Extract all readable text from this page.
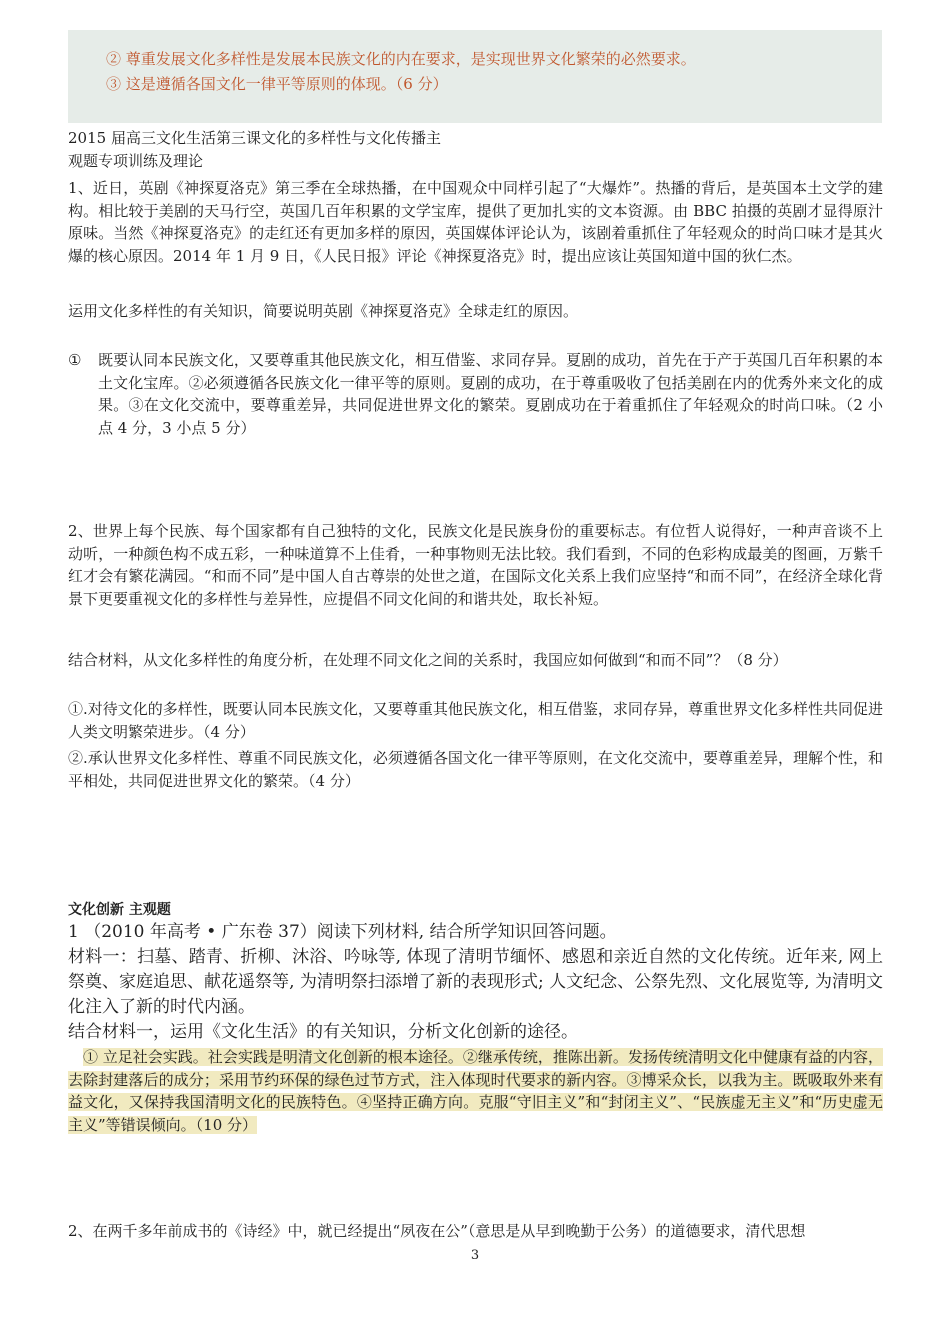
② 尊重发展文化多样性是发展本民族文化的内在要求，是实现世界文化繁荣的必然要求。
③ 这是遵循各国文化一律平等原则的体现。（6 分）

2015 届高三文化生活第三课文化的多样性与文化传播主

观题专项训练及理论

1、近日，英剧《神探夏洛克》第三季在全球热播，在中国观众中同样引起了“大爆炸”。热播的背后，是英国本土文学的建构。相比较于美剧的天马行空，英国几百年积累的文学宝库，提供了更加扎实的文本资源。由 BBC 拍摄的英剧才显得原汁原味。当然《神探夏洛克》的走红还有更加多样的原因，英国媒体评论认为，该剧着重抓住了年轻观众的时尚口味才是其火爆的核心原因。2014 年 1 月 9 日，《人民日报》评论《神探夏洛克》时，提出应该让英国知道中国的狄仁杰。
运用文化多样性的有关知识，简要说明英剧《神探夏洛克》全球走红的原因。
① 既要认同本民族文化，又要尊重其他民族文化，相互借鉴、求同存异。夏剧的成功，首先在于产于英国几百年积累的本土文化宝库。②必须遵循各民族文化一律平等的原则。夏剧的成功，在于尊重吸收了包括美剧在内的优秀外来文化的成果。③在文化交流中，要尊重差异，共同促进世界文化的繁荣。夏剧成功在于着重抓住了年轻观众的时尚口味。（2 小点 4 分，3 小点 5 分）
2、世界上每个民族、每个国家都有自己独特的文化，民族文化是民族身份的重要标志。有位哲人说得好，一种声音谈不上动听，一种颜色构不成五彩，一种味道算不上佳肴，一种事物则无法比较。我们看到，不同的色彩构成最美的图画，万紫千红才会有繁花满园。“和而不同”是中国人自古尊崇的处世之道，在国际文化关系上我们应坚持“和而不同”，在经济全球化背景下更要重视文化的多样性与差异性，应提倡不同文化间的和谐共处，取长补短。
结合材料，从文化多样性的角度分析，在处理不同文化之间的关系时，我国应如何做到“和而不同”？（8 分）
①.对待文化的多样性，既要认同本民族文化，又要尊重其他民族文化，相互借鉴，求同存异，尊重世界文化多样性共同促进人类文明繁荣进步。（4 分）
②.承认世界文化多样性、尊重不同民族文化，必须遵循各国文化一律平等原则，在文化交流中，要尊重差异，理解个性，和平相处，共同促进世界文化的繁荣。（4 分）
文化创新 主观题
1 （2010 年高考 • 广东卷 37）阅读下列材料, 结合所学知识回答问题。
材料一：扫墓、踏青、折柳、沐浴、吟咏等, 体现了清明节缅怀、感恩和亲近自然的文化传统。近年来, 网上祭奠、家庭追思、献花遥祭等, 为清明祭扫添增了新的表现形式; 人文纪念、公祭先烈、文化展览等, 为清明文化注入了新的时代内涵。
结合材料一，运用《文化生活》的有关知识，分析文化创新的途径。
① 立足社会实践。社会实践是明清文化创新的根本途径。②继承传统，推陈出新。发扬传统清明文化中健康有益的内容，去除封建落后的成分；采用节约环保的绿色过节方式，注入体现时代要求的新内容。③博采众长，以我为主。既吸取外来有益文化，又保持我国清明文化的民族特色。④坚持正确方向。克服“守旧主义”和“封闭主义”、“民族虚无主义”和“历史虚无主义”等错误倾向。（10 分）
2、在两千多年前成书的《诗经》中，就已经提出“夙夜在公”（意思是从早到晚勤于公务）的道德要求，清代思想
3
